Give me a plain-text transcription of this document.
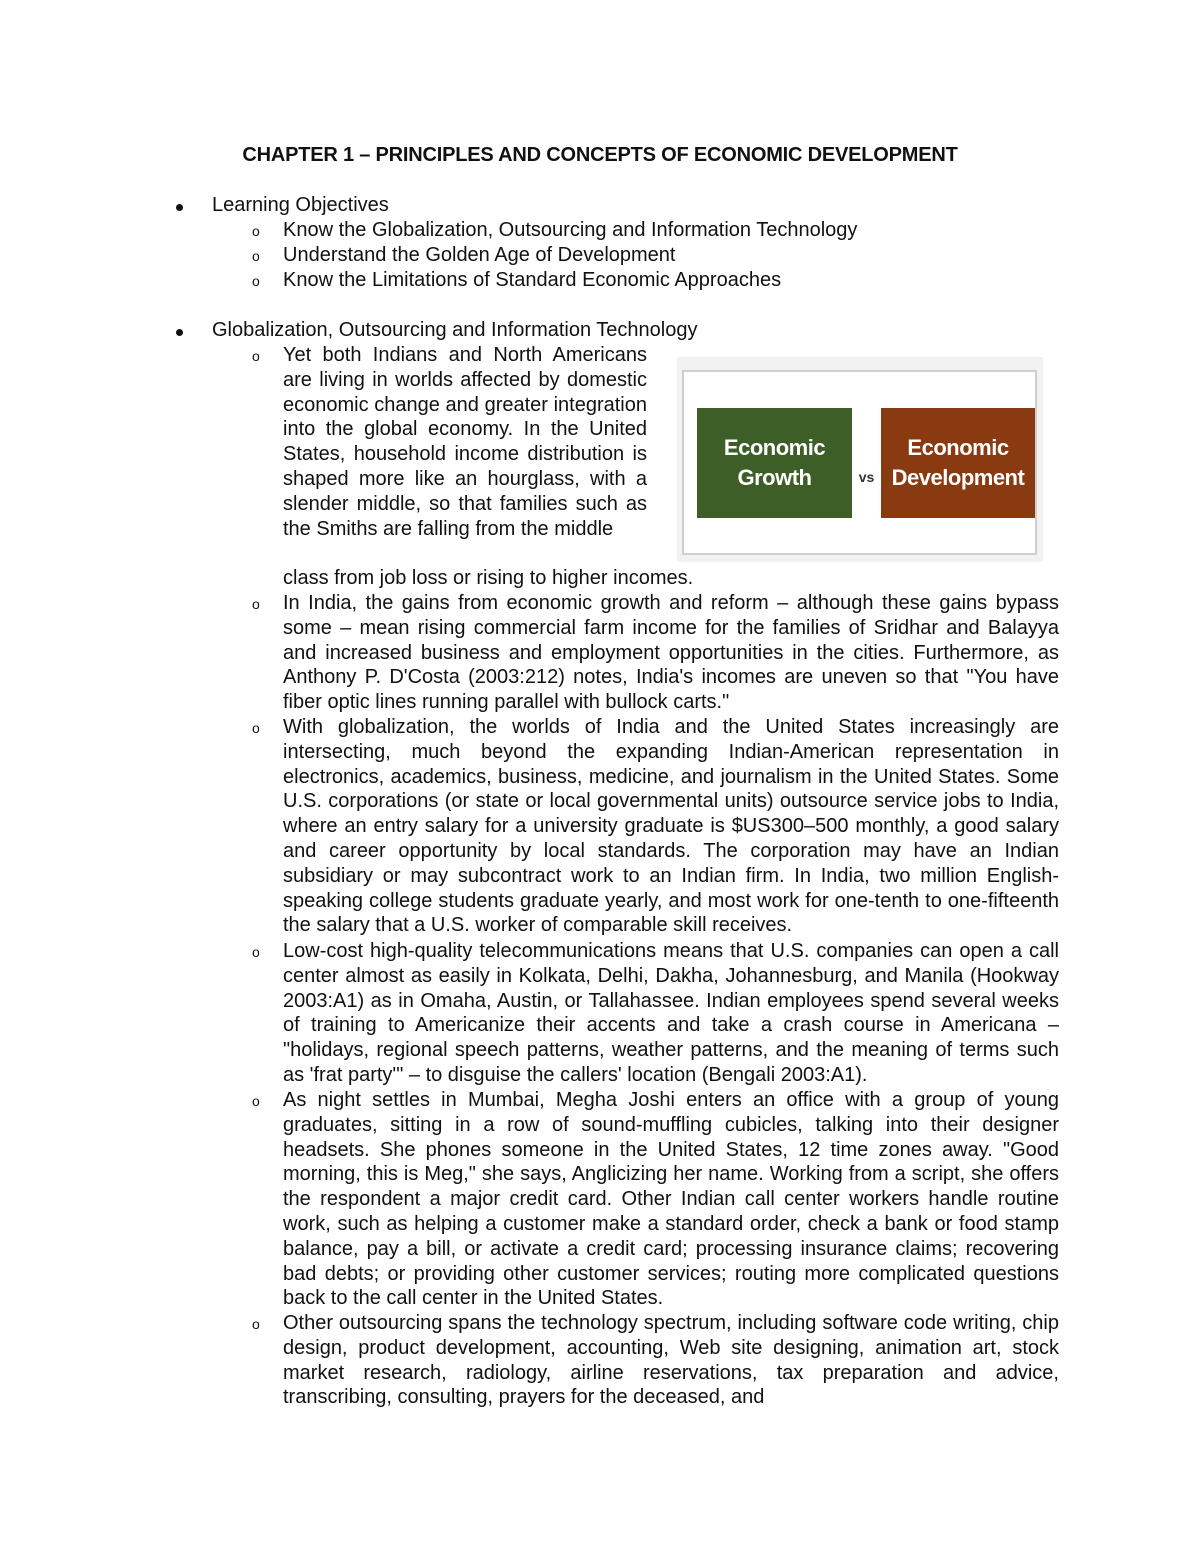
CHAPTER 1 – PRINCIPLES AND CONCEPTS OF ECONOMIC DEVELOPMENT
Learning Objectives
o Know the Globalization, Outsourcing and Information Technology
o Understand the Golden Age of Development
o Know the Limitations of Standard Economic Approaches
Globalization, Outsourcing and Information Technology
Economic Growth	vs
Economic Development
o Yet both Indians and North Americans are living in worlds affected by domestic economic change and greater integration into the global economy. In the United States, household income distribution is shaped more like an hourglass, with a slender middle, so that families such as the Smiths are falling from the middle

class from job loss or rising to higher incomes.

o In India, the gains from economic growth and reform – although these gains bypass some – mean rising commercial farm income for the families of Sridhar and Balayya and increased business and employment opportunities in the cities. Furthermore, as Anthony P. D'Costa (2003:212) notes, India's incomes are uneven so that "You have fiber optic lines running parallel with bullock carts."

o With globalization, the worlds of India and the United States increasingly are intersecting, much beyond the expanding Indian-American representation in electronics, academics, business, medicine, and journalism in the United States. Some U.S. corporations (or state or local governmental units) outsource service jobs to India, where an entry salary for a university graduate is $US300–500 monthly, a good salary and career opportunity by local standards. The corporation may have an Indian subsidiary or may subcontract work to an Indian firm. In India, two million English-speaking college students graduate yearly, and most work for one-tenth to one-fifteenth the salary that a U.S. worker of comparable skill receives.

o Low-cost high-quality telecommunications means that U.S. companies can open a call center almost as easily in Kolkata, Delhi, Dakha, Johannesburg, and Manila (Hookway 2003:A1) as in Omaha, Austin, or Tallahassee. Indian employees spend several weeks of training to Americanize their accents and take a crash course in Americana – "holidays, regional speech patterns, weather patterns, and the meaning of terms such as 'frat party'" – to disguise the callers' location (Bengali 2003:A1).

o As night settles in Mumbai, Megha Joshi enters an office with a group of young graduates, sitting in a row of sound-muffling cubicles, talking into their designer headsets. She phones someone in the United States, 12 time zones away. "Good morning, this is Meg," she says, Anglicizing her name. Working from a script, she offers the respondent a major credit card. Other Indian call center workers handle routine work, such as helping a customer make a standard order, check a bank or food stamp balance, pay a bill, or activate a credit card; processing insurance claims; recovering bad debts; or providing other customer services; routing more complicated questions back to the call center in the United States.

o Other outsourcing spans the technology spectrum, including software code writing, chip design, product development, accounting, Web site designing, animation art, stock market research, radiology, airline reservations, tax preparation and advice, transcribing, consulting, prayers for the deceased, and
